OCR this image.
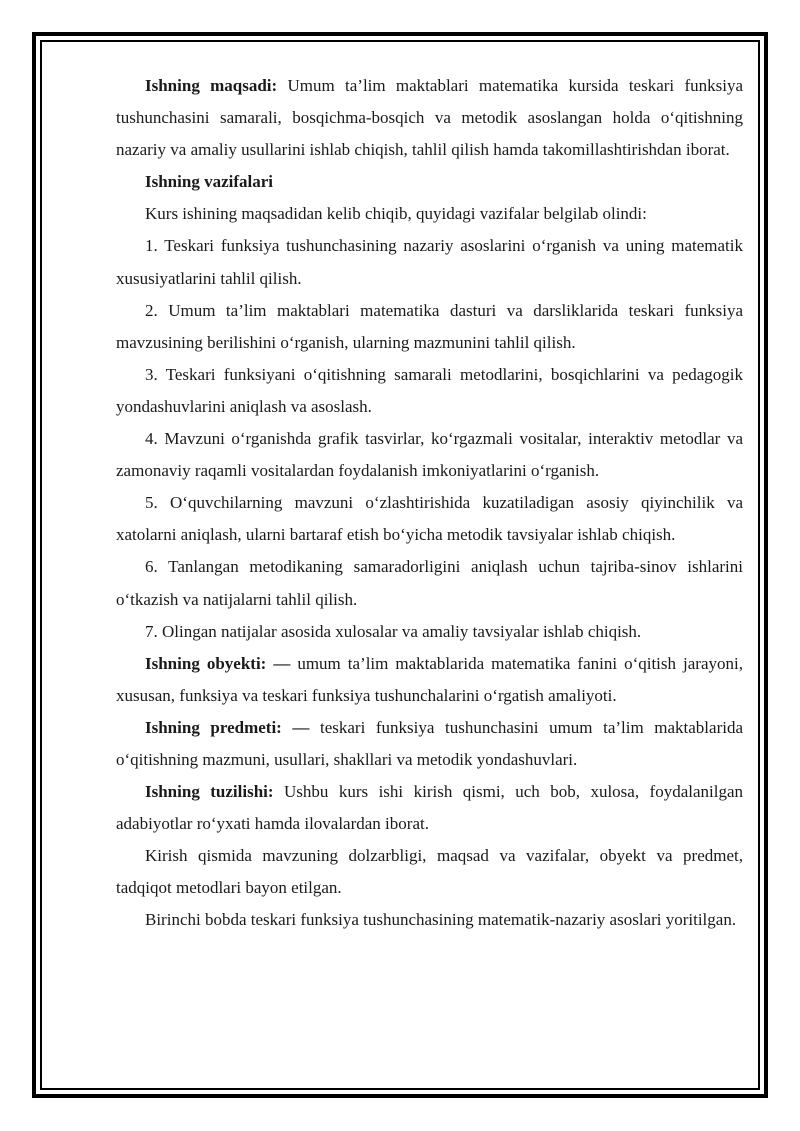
Ishning maqsadi: Umum ta’lim maktablari matematika kursida teskari funksiya tushunchasini samarali, bosqichma-bosqich va metodik asoslangan holda o‘qitishning nazariy va amaliy usullarini ishlab chiqish, tahlil qilish hamda takomillashtirishdan iborat.

Ishning vazifalari

Kurs ishining maqsadidan kelib chiqib, quyidagi vazifalar belgilab olindi:

1. Teskari funksiya tushunchasining nazariy asoslarini o‘rganish va uning matematik xususiyatlarini tahlil qilish.

2. Umum ta’lim maktablari matematika dasturi va darsliklarida teskari funksiya mavzusining berilishini o‘rganish, ularning mazmunini tahlil qilish.

3. Teskari funksiyani o‘qitishning samarali metodlarini, bosqichlarini va pedagogik yondashuvlarini aniqlash va asoslash.

4. Mavzuni o‘rganishda grafik tasvirlar, ko‘rgazmali vositalar, interaktiv metodlar va zamonaviy raqamli vositalardan foydalanish imkoniyatlarini o‘rganish.

5. O‘quvchilarning mavzuni o‘zlashtirishida kuzatiladigan asosiy qiyinchilik va xatolarni aniqlash, ularni bartaraf etish bo‘yicha metodik tavsiyalar ishlab chiqish.

6. Tanlangan metodikaning samaradorligini aniqlash uchun tajriba-sinov ishlarini o‘tkazish va natijalarni tahlil qilish.

7. Olingan natijalar asosida xulosalar va amaliy tavsiyalar ishlab chiqish.

Ishning obyekti: — umum ta’lim maktablarida matematika fanini o‘qitish jarayoni, xususan, funksiya va teskari funksiya tushunchalarini o‘rgatish amaliyoti.

Ishning predmeti: — teskari funksiya tushunchasini umum ta’lim maktablarida o‘qitishning mazmuni, usullari, shakllari va metodik yondashuvlari.

Ishning tuzilishi: Ushbu kurs ishi kirish qismi, uch bob, xulosa, foydalanilgan adabiyotlar ro‘yxati hamda ilovalardan iborat.

Kirish qismida mavzuning dolzarbligi, maqsad va vazifalar, obyekt va predmet, tadqiqot metodlari bayon etilgan.

Birinchi bobda teskari funksiya tushunchasining matematik-nazariy asoslari yoritilgan.
